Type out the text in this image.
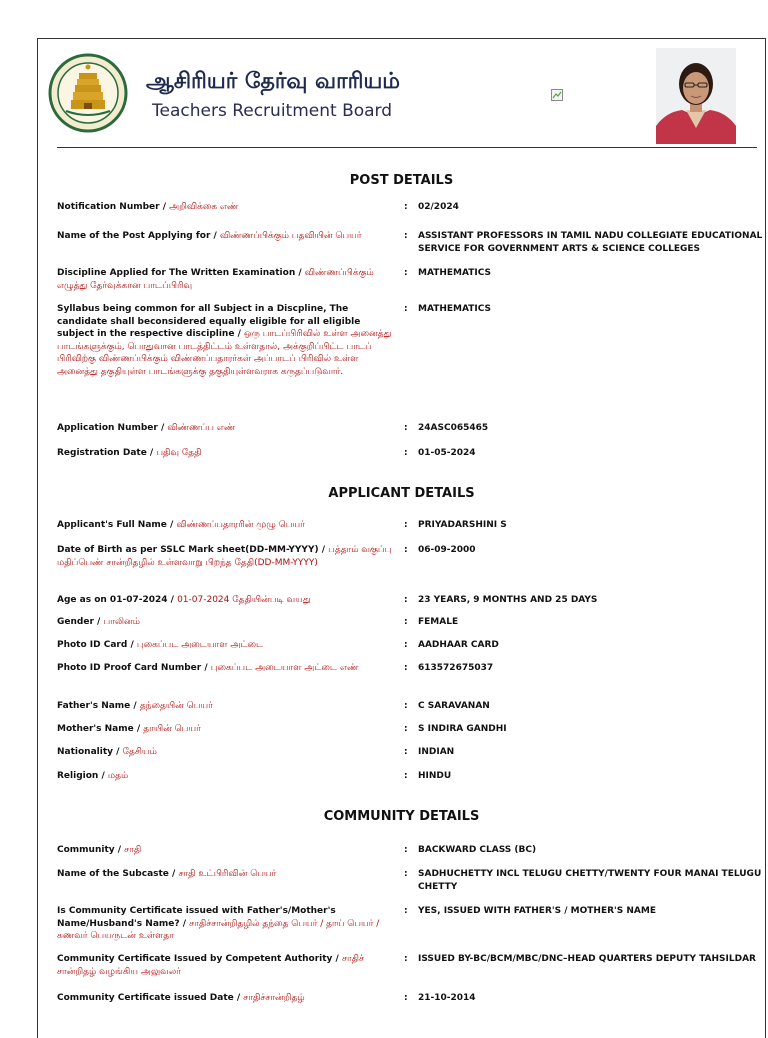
ஆசிரியர் தேர்வு வாரியம்
Teachers Recruitment Board
POST DETAILS
Notification Number / அறிவிக்கை எண்	: 02/2024
Name of the Post Applying for / விண்ணப்பிக்கும் பதவியின் பெயர்	: ASSISTANT PROFESSORS IN TAMIL NADU COLLEGIATE EDUCATIONAL SERVICE FOR GOVERNMENT ARTS & SCIENCE COLLEGES
Discipline Applied for The Written Examination / விண்ணப்பிக்கும் எழுத்து தேர்வுக்கான பாடப்பிரிவு
: MATHEMATICS
Syllabus being common for all Subject in a Discpline, The candidate shall beconsidered equally eligible for all eligible subject in the respective discipline / ஒரு பாடப்பிரிவில் உள்ள அனைத்து பாடங்களுக்கும், பொதுவான பாடத்திட்டம் உள்ளதால், அக்குறிப்பிட்ட பாடப் பிரிவிற்கு விண்ணப்பிக்கும் விண்ணப்பதாரர்கள் அப்பாடப் பிரிவில் உள்ள அனைத்து தகுதியுள்ள பாடங்களுக்கு தகுதியுள்ளவராக கருதப்படுவார்.
: MATHEMATICS
Application Number / விண்ணப்ப எண்	: 24ASC065465
Registration Date / பதிவு தேதி	: 01-05-2024
APPLICANT DETAILS
Applicant's Full Name / விண்ணப்பதாரரின் முழு பெயர்	: PRIYADARSHINI S
Date of Birth as per SSLC Mark sheet(DD-MM-YYYY) / பத்தாம் வகுப்பு மதிப்பெண் சான்றிதழில் உள்ளவாறு பிறந்த தேதி(DD-MM-YYYY)
: 06-09-2000
Age as on 01-07-2024 / 01-07-2024 தேதியின்படி வயது	: 23 YEARS, 9 MONTHS AND 25 DAYS
Gender / பாலினம்	: FEMALE
Photo ID Card / புகைப்பட அடையாள அட்டை	: AADHAAR CARD
Photo ID Proof Card Number / புகைப்பட அடையாள அட்டை எண்	: 613572675037
Father's Name / தந்தையின் பெயர்	: C SARAVANAN
Mother's Name / தாயின் பெயர்	: S INDIRA GANDHI
Nationality / தேசியம்	: INDIAN
Religion / மதம்	: HINDU
COMMUNITY DETAILS
Community / சாதி	: BACKWARD CLASS (BC)
Name of the Subcaste / சாதி உட்பிரிவின் பெயர்	: SADHUCHETTY INCL TELUGU CHETTY/TWENTY FOUR MANAI TELUGU CHETTY
Is Community Certificate issued with Father's/Mother's Name/Husband's Name? / சாதிச்சான்றிதழில் தந்தை பெயர் / தாய் பெயர் / கணவர் பெயருடன் உள்ளதா
: YES, ISSUED WITH FATHER'S / MOTHER'S NAME
Community Certificate Issued by Competent Authority / சாதிச் சான்றிதழ் வழங்கிய அலுவலர்
: ISSUED BY-BC/BCM/MBC/DNC–HEAD QUARTERS DEPUTY TAHSILDAR
Community Certificate issued Date / சாதிச்சான்றிதழ்	: 21-10-2014
